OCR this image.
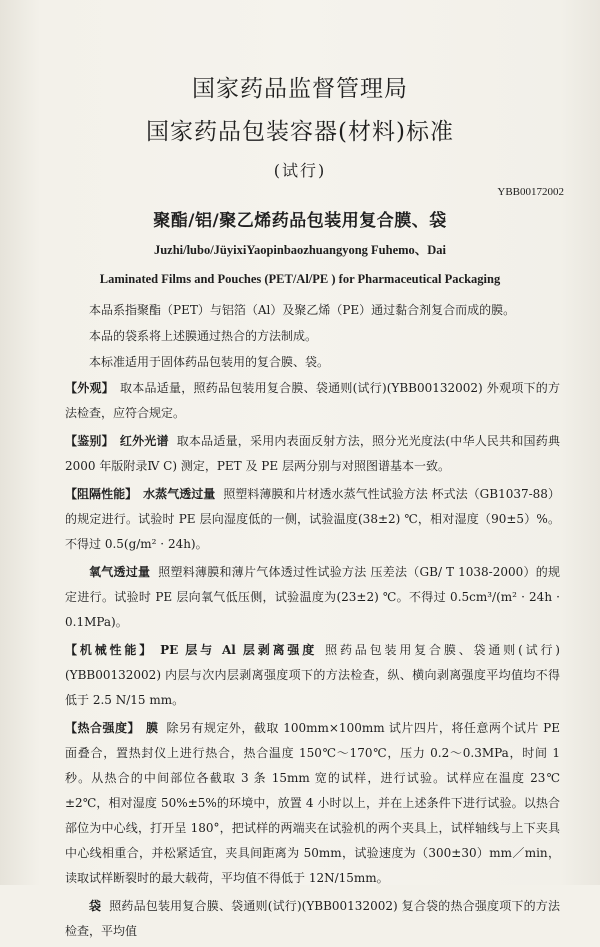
国家药品监督管理局
国家药品包装容器(材料)标准
(试行)
YBB00172002
聚酯/铝/聚乙烯药品包装用复合膜、袋
Juzhi/lubo/JüyixiYaopinbaozhuangyong Fuhemo、Dai
Laminated Films and Pouches (PET/Al/PE ) for Pharmaceutical Packaging

本品系指聚酯（PET）与铝箔（Al）及聚乙烯（PE）通过黏合剂复合而成的膜。

本品的袋系将上述膜通过热合的方法制成。

本标准适用于固体药品包装用的复合膜、袋。

【外观】 取本品适量，照药品包装用复合膜、袋通则(试行)(YBB00132002) 外观项下的方法检查，应符合规定。

【鉴别】 红外光谱 取本品适量，采用内表面反射方法，照分光光度法(中华人民共和国药典 2000 年版附录Ⅳ C) 测定，PET 及 PE 层两分别与对照图谱基本一致。

【阻隔性能】 水蒸气透过量 照塑料薄膜和片材透水蒸气性试验方法 杯式法（GB1037-88）的规定进行。试验时 PE 层向湿度低的一侧，试验温度(38±2) ℃，相对湿度（90±5）%。不得过 0.5(g/m² · 24h)。

氧气透过量 照塑料薄膜和薄片气体透过性试验方法 压差法（GB/ T 1038-2000）的规定进行。试验时 PE 层向氧气低压侧，试验温度为(23±2) ℃。不得过 0.5cm³/(m² · 24h · 0.1MPa)。

【机械性能】 PE 层与 Al 层剥离强度 照药品包装用复合膜、袋通则(试行)(YBB00132002) 内层与次内层剥离强度项下的方法检查，纵、横向剥离强度平均值均不得低于 2.5 N/15 mm。

【热合强度】 膜 除另有规定外，截取 100mm×100mm 试片四片，将任意两个试片 PE 面叠合，置热封仪上进行热合，热合温度 150℃～170℃，压力 0.2～0.3MPa，时间 1 秒。从热合的中间部位各截取 3 条 15mm 宽的试样，进行试验。试样应在温度 23℃±2℃，相对湿度 50%±5%的环境中，放置 4 小时以上，并在上述条件下进行试验。以热合部位为中心线，打开呈 180°，把试样的两端夹在试验机的两个夹具上，试样轴线与上下夹具中心线相重合，并松紧适宜，夹具间距离为 50mm，试验速度为（300±30）mm／min，读取试样断裂时的最大载荷，平均值不得低于 12N/15mm。

袋 照药品包装用复合膜、袋通则(试行)(YBB00132002) 复合袋的热合强度项下的方法检查，平均值
